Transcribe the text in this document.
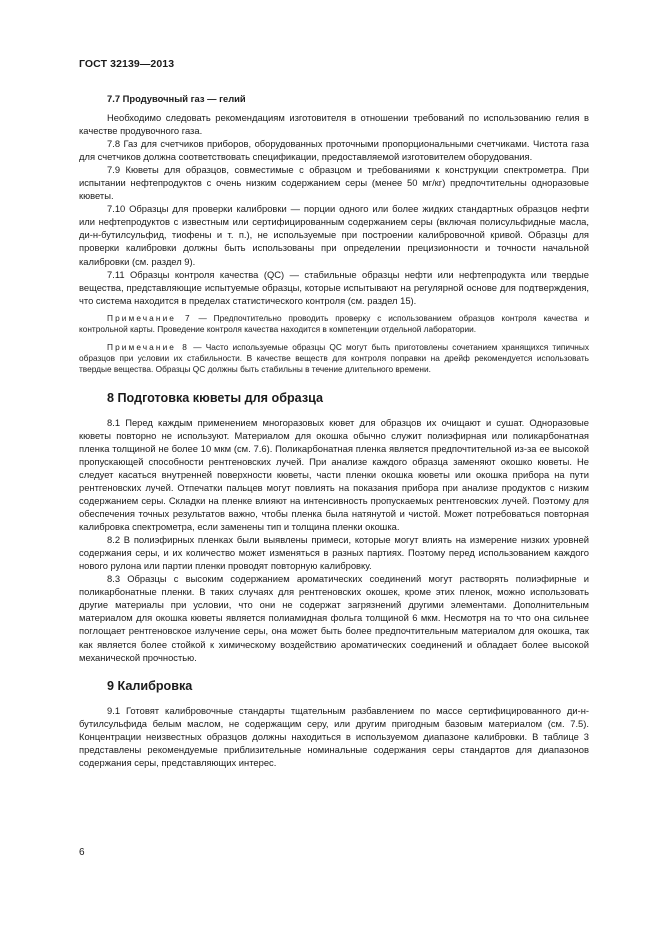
ГОСТ 32139—2013
7.7 Продувочный газ — гелий

Необходимо следовать рекомендациям изготовителя в отношении требований по использованию гелия в качестве продувочного газа.

7.8 Газ для счетчиков приборов, оборудованных проточными пропорциональными счетчиками. Чистота газа для счетчиков должна соответствовать спецификации, предоставляемой изготовителем оборудования.

7.9 Кюветы для образцов, совместимые с образцом и требованиями к конструкции спектрометра. При испытании нефтепродуктов с очень низким содержанием серы (менее 50 мг/кг) предпочтительны одноразовые кюветы.

7.10 Образцы для проверки калибровки — порции одного или более жидких стандартных образцов нефти или нефтепродуктов с известным или сертифицированным содержанием серы (включая полисульфидные масла, ди-н-бутилсульфид, тиофены и т. п.), не используемые при построении калибровочной кривой. Образцы для проверки калибровки должны быть использованы при определении прецизионности и точности начальной калибровки (см. раздел 9).

7.11 Образцы контроля качества (QC) — стабильные образцы нефти или нефтепродукта или твердые вещества, представляющие испытуемые образцы, которые испытывают на регулярной основе для подтверждения, что система находится в пределах статистического контроля (см. раздел 15).

Примечание 7 — Предпочтительно проводить проверку с использованием образцов контроля качества и контрольной карты. Проведение контроля качества находится в компетенции отдельной лаборатории.

Примечание 8 — Часто используемые образцы QC могут быть приготовлены сочетанием хранящихся типичных образцов при условии их стабильности. В качестве веществ для контроля поправки на дрейф рекомендуется использовать твердые вещества. Образцы QC должны быть стабильны в течение длительного времени.

8 Подготовка кюветы для образца

8.1 Перед каждым применением многоразовых кювет для образцов их очищают и сушат. Одноразовые кюветы повторно не используют. Материалом для окошка обычно служит полиэфирная или поликарбонатная пленка толщиной не более 10 мкм (см. 7.6). Поликарбонатная пленка является предпочтительной из-за ее высокой пропускающей способности рентгеновских лучей. При анализе каждого образца заменяют окошко кюветы. Не следует касаться внутренней поверхности кюветы, части пленки окошка кюветы или окошка прибора на пути рентгеновских лучей. Отпечатки пальцев могут повлиять на показания прибора при анализе продуктов с низким содержанием серы. Складки на пленке влияют на интенсивность пропускаемых рентгеновских лучей. Поэтому для обеспечения точных результатов важно, чтобы пленка была натянутой и чистой. Может потребоваться повторная калибровка спектрометра, если заменены тип и толщина пленки окошка.

8.2 В полиэфирных пленках были выявлены примеси, которые могут влиять на измерение низких уровней содержания серы, и их количество может изменяться в разных партиях. Поэтому перед использованием каждого нового рулона или партии пленки проводят повторную калибровку.

8.3 Образцы с высоким содержанием ароматических соединений могут растворять полиэфирные и поликарбонатные пленки. В таких случаях для рентгеновских окошек, кроме этих пленок, можно использовать другие материалы при условии, что они не содержат загрязнений другими элементами. Дополнительным материалом для окошка кюветы является полиамидная фольга толщиной 6 мкм. Несмотря на то что она сильнее поглощает рентгеновское излучение серы, она может быть более предпочтительным материалом для окошка, так как является более стойкой к химическому воздействию ароматических соединений и обладает более высокой механической прочностью.

9 Калибровка

9.1 Готовят калибровочные стандарты тщательным разбавлением по массе сертифицированного ди-н-бутилсульфида белым маслом, не содержащим серу, или другим пригодным базовым материалом (см. 7.5). Концентрации неизвестных образцов должны находиться в используемом диапазоне калибровки. В таблице 3 представлены рекомендуемые приблизительные номинальные содержания серы стандартов для диапазонов содержания серы, представляющих интерес.

6
